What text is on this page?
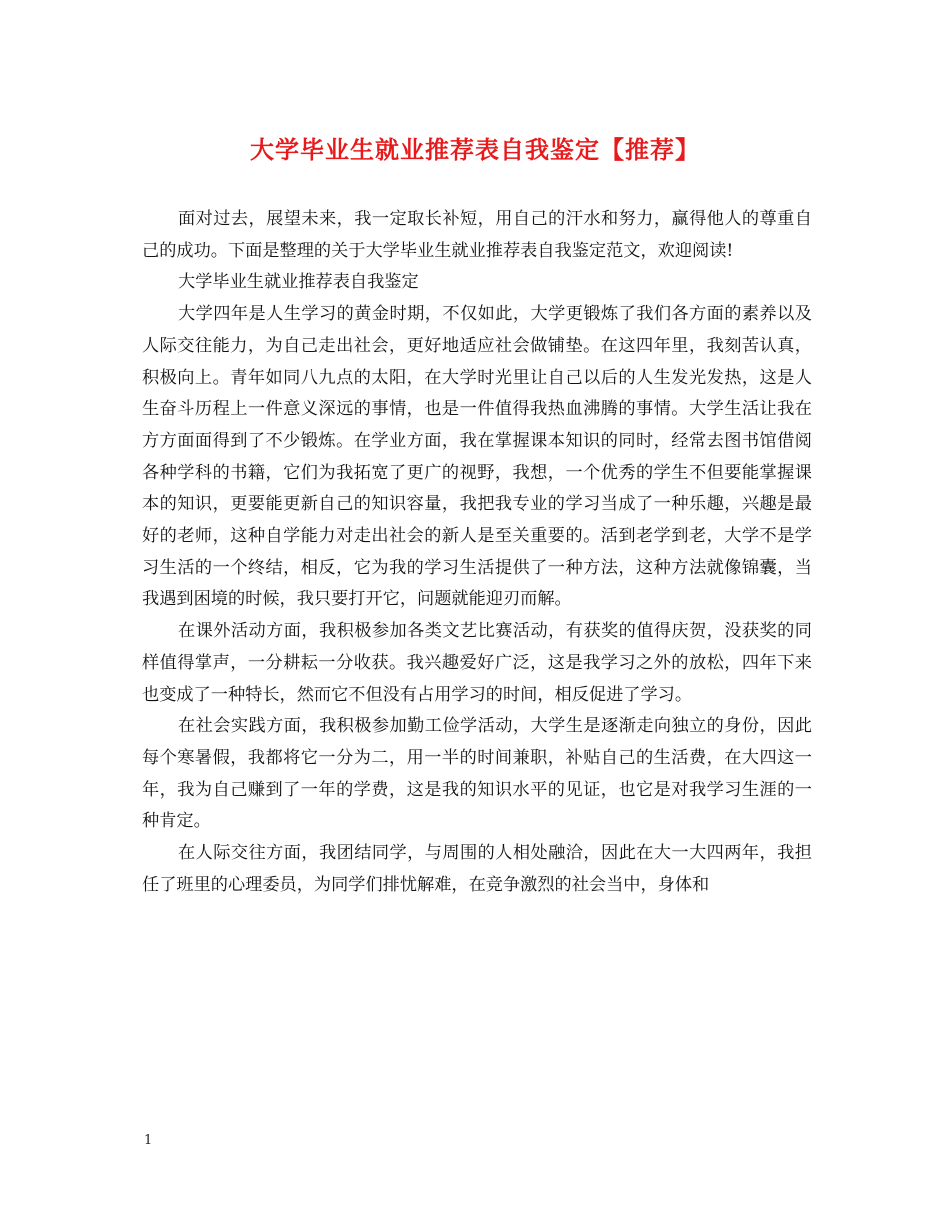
大学毕业生就业推荐表自我鉴定【推荐】

面对过去，展望未来，我一定取长补短，用自己的汗水和努力，赢得他人的尊重自己的成功。下面是整理的关于大学毕业生就业推荐表自我鉴定范文，欢迎阅读!

大学毕业生就业推荐表自我鉴定

大学四年是人生学习的黄金时期，不仅如此，大学更锻炼了我们各方面的素养以及人际交往能力，为自己走出社会，更好地适应社会做铺垫。在这四年里，我刻苦认真，积极向上。青年如同八九点的太阳，在大学时光里让自己以后的人生发光发热，这是人生奋斗历程上一件意义深远的事情，也是一件值得我热血沸腾的事情。大学生活让我在方方面面得到了不少锻炼。在学业方面，我在掌握课本知识的同时，经常去图书馆借阅各种学科的书籍，它们为我拓宽了更广的视野，我想，一个优秀的学生不但要能掌握课本的知识，更要能更新自己的知识容量，我把我专业的学习当成了一种乐趣，兴趣是最好的老师，这种自学能力对走出社会的新人是至关重要的。活到老学到老，大学不是学习生活的一个终结，相反，它为我的学习生活提供了一种方法，这种方法就像锦囊，当我遇到困境的时候，我只要打开它，问题就能迎刃而解。

在课外活动方面，我积极参加各类文艺比赛活动，有获奖的值得庆贺，没获奖的同样值得掌声，一分耕耘一分收获。我兴趣爱好广泛，这是我学习之外的放松，四年下来也变成了一种特长，然而它不但没有占用学习的时间，相反促进了学习。

在社会实践方面，我积极参加勤工俭学活动，大学生是逐渐走向独立的身份，因此每个寒暑假，我都将它一分为二，用一半的时间兼职，补贴自己的生活费，在大四这一年，我为自己赚到了一年的学费，这是我的知识水平的见证，也它是对我学习生涯的一种肯定。

在人际交往方面，我团结同学，与周围的人相处融洽，因此在大一大四两年，我担任了班里的心理委员，为同学们排忧解难，在竞争激烈的社会当中，身体和

1
